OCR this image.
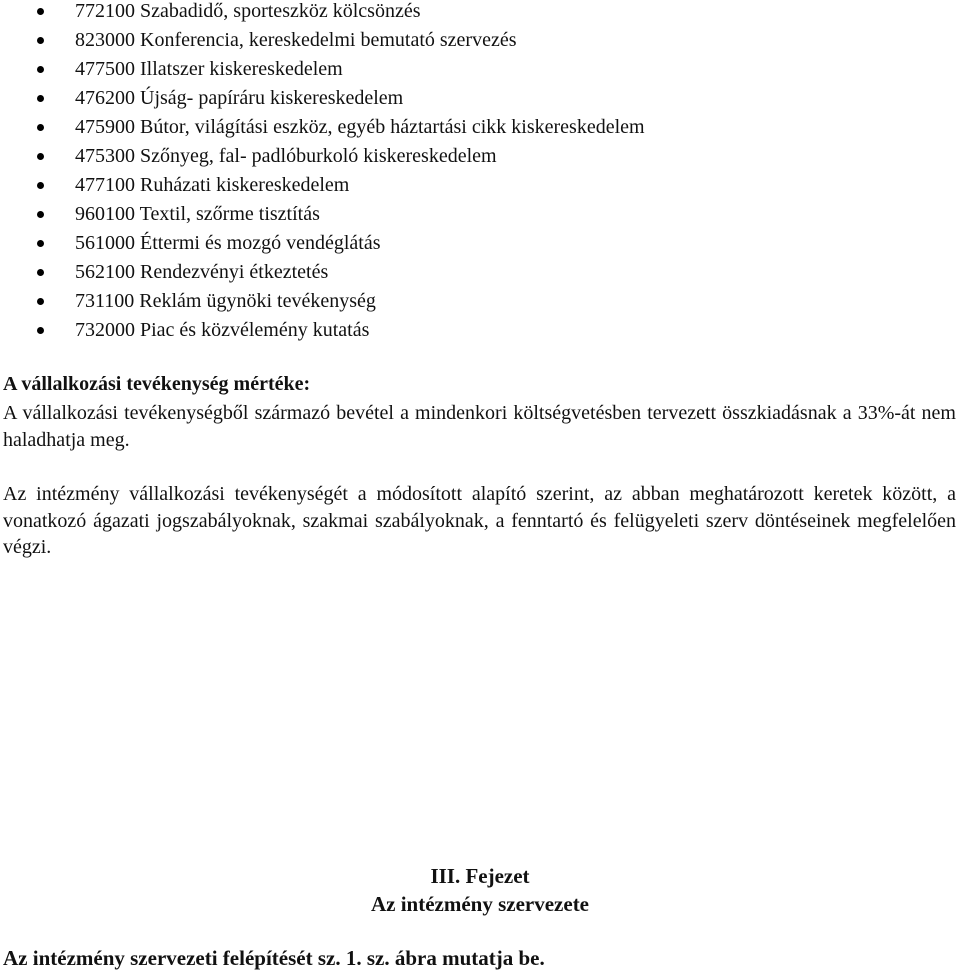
772100 Szabadidő, sporteszköz kölcsönzés
823000 Konferencia, kereskedelmi bemutató szervezés
477500 Illatszer kiskereskedelem
476200 Újság- papíráru kiskereskedelem
475900 Bútor, világítási eszköz, egyéb háztartási cikk kiskereskedelem
475300 Szőnyeg, fal- padlóburkoló kiskereskedelem
477100 Ruházati kiskereskedelem
960100 Textil, szőrme tisztítás
561000 Éttermi és mozgó vendéglátás
562100 Rendezvényi étkeztetés
731100 Reklám ügynöki tevékenység
732000 Piac és közvélemény kutatás
A vállalkozási tevékenység mértéke:

A vállalkozási tevékenységből származó bevétel a mindenkori költségvetésben tervezett összkiadásnak a 33%-át nem haladhatja meg.

Az intézmény vállalkozási tevékenységét a módosított alapító szerint, az abban meghatározott keretek között, a vonatkozó ágazati jogszabályoknak, szakmai szabályoknak, a fenntartó és felügyeleti szerv döntéseinek megfelelően végzi.

III. Fejezet
Az intézmény szervezete
Az intézmény szervezeti felépítését sz. 1. sz. ábra mutatja be.
